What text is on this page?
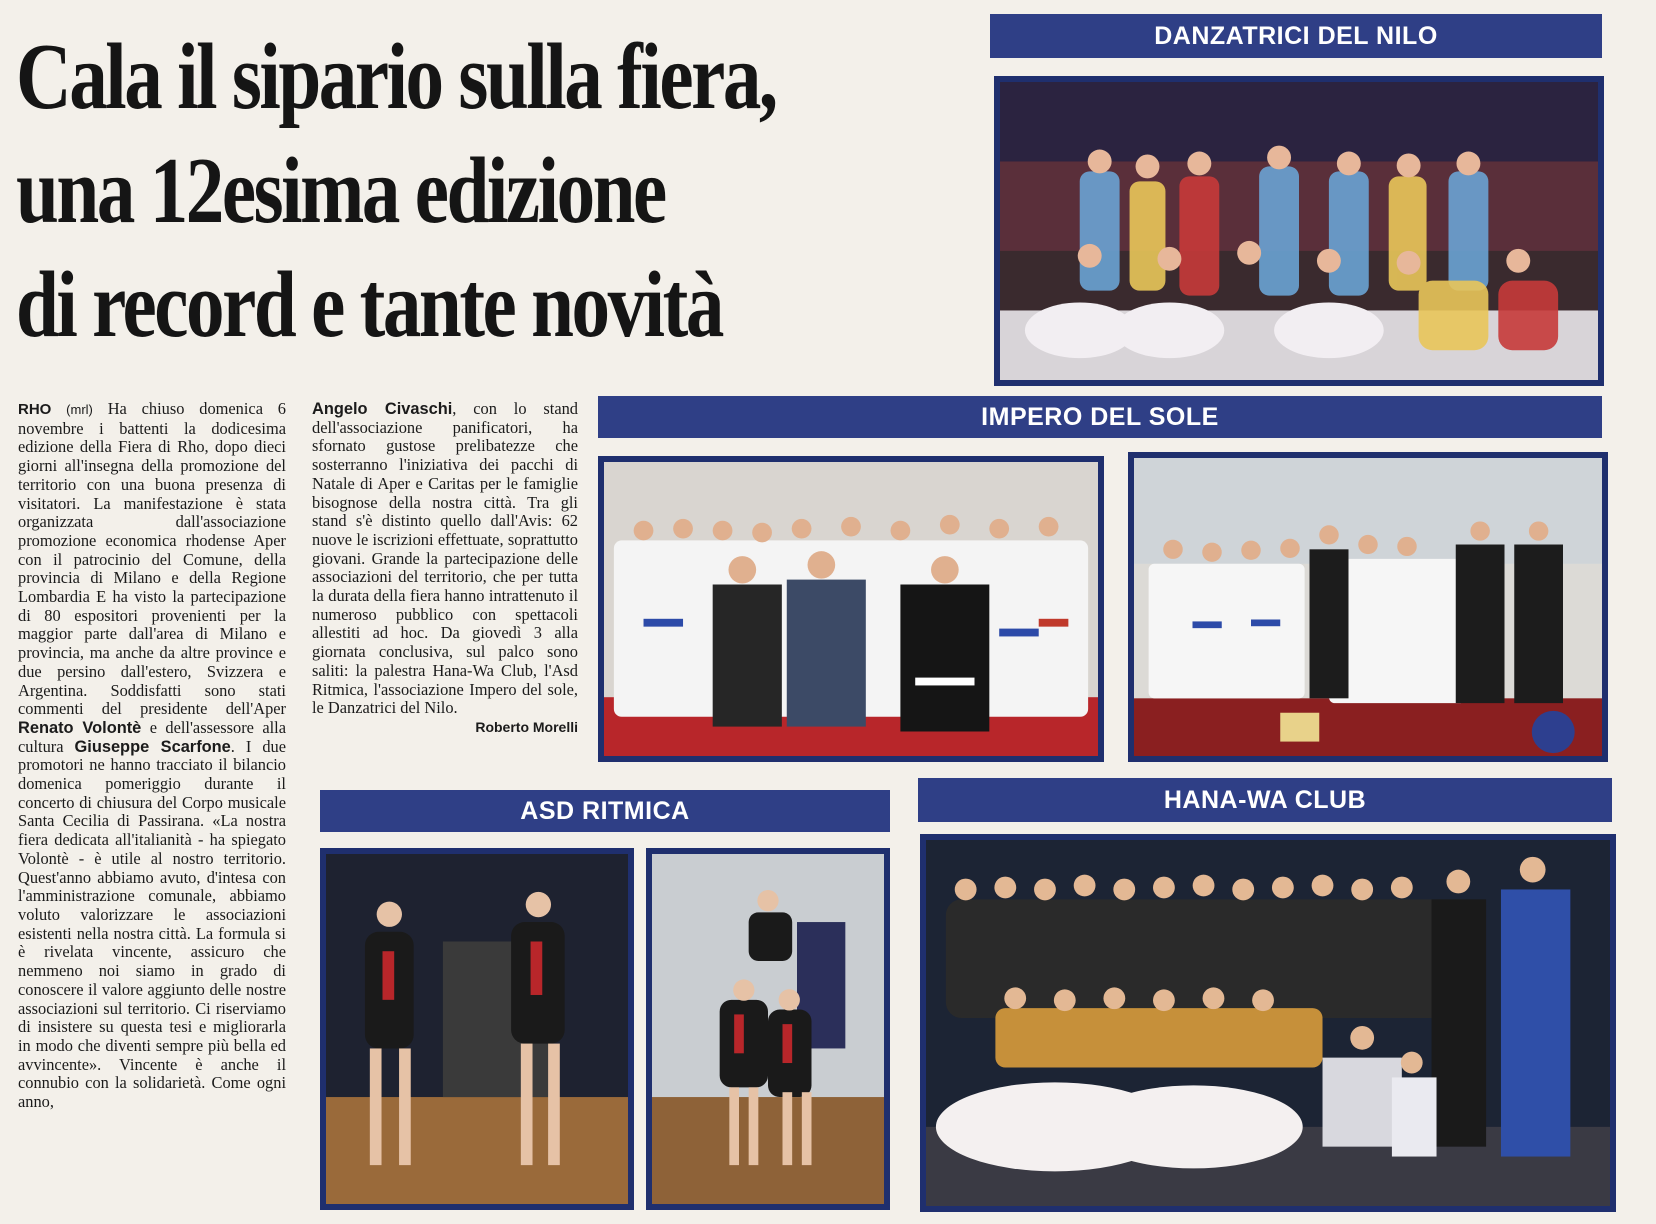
Cala il sipario sulla fiera,
una 12esima edizione
di record e tante novità
DANZATRICI DEL NILO
IMPERO DEL SOLE
ASD RITMICA	HANA-WA CLUB

RHO (mrl) Ha chiuso domenica 6 novembre i battenti la dodicesima edizione della Fiera di Rho, dopo dieci giorni all'insegna della promozione del territorio con una buona presenza di visitatori. La manifestazione è stata organizzata dall'associazione promozione economica rhodense Aper con il patrocinio del Comune, della provincia di Milano e della Regione Lombardia E ha visto la partecipazione di 80 espositori provenienti per la maggior parte dall'area di Milano e provincia, ma anche da altre province e due persino dall'estero, Svizzera e Argentina. Soddisfatti sono stati commenti del presidente dell'Aper Renato Volontè e dell'assessore alla cultura Giuseppe Scarfone. I due promotori ne hanno tracciato il bilancio domenica pomeriggio durante il concerto di chiusura del Corpo musicale Santa Cecilia di Passirana. «La nostra fiera dedicata all'italianità - ha spiegato Volontè - è utile al nostro territorio. Quest'anno abbiamo avuto, d'intesa con l'amministrazione comunale, abbiamo voluto valorizzare le associazioni esistenti nella nostra città. La formula si è rivelata vincente, assicuro che nemmeno noi siamo in grado di conoscere il valore aggiunto delle nostre associazioni sul territorio. Ci riserviamo di insistere su questa tesi e migliorarla in modo che diventi sempre più bella ed avvincente». Vincente è anche il connubio con la solidarietà. Come ogni anno,

Angelo Civaschi, con lo stand dell'associazione panificatori, ha sfornato gustose prelibatezze che sosterranno l'iniziativa dei pacchi di Natale di Aper e Caritas per le famiglie bisognose della nostra città. Tra gli stand s'è distinto quello dall'Avis: 62 nuove le iscrizioni effettuate, soprattutto giovani. Grande la partecipazione delle associazioni del territorio, che per tutta la durata della fiera hanno intrattenuto il numeroso pubblico con spettacoli allestiti ad hoc. Da giovedì 3 alla giornata conclusiva, sul palco sono saliti: la palestra Hana-Wa Club, l'Asd Ritmica, l'associazione Impero del sole, le Danzatrici del Nilo.

Roberto Morelli
